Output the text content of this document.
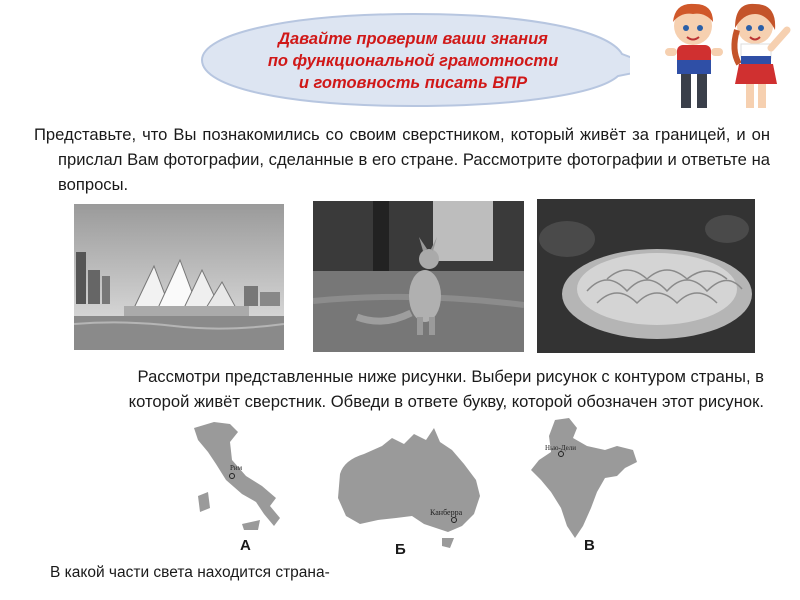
Давайте проверим ваши знания
по функциональной грамотности
и готовность писать ВПР
Представьте, что Вы познакомились со своим сверстником, который живёт за границей, и он прислал Вам фотографии, сделанные в его стране. Рассмотрите фотографии и ответьте на вопросы.
Рассмотри представленные ниже рисунки. Выбери рисунок с контуром страны, в
которой живёт сверстник. Обведи в ответе букву, которой обозначен этот рисунок.
Рим
Канберра
Нью-Дели
А	Б	В
В какой части света находится страна-
